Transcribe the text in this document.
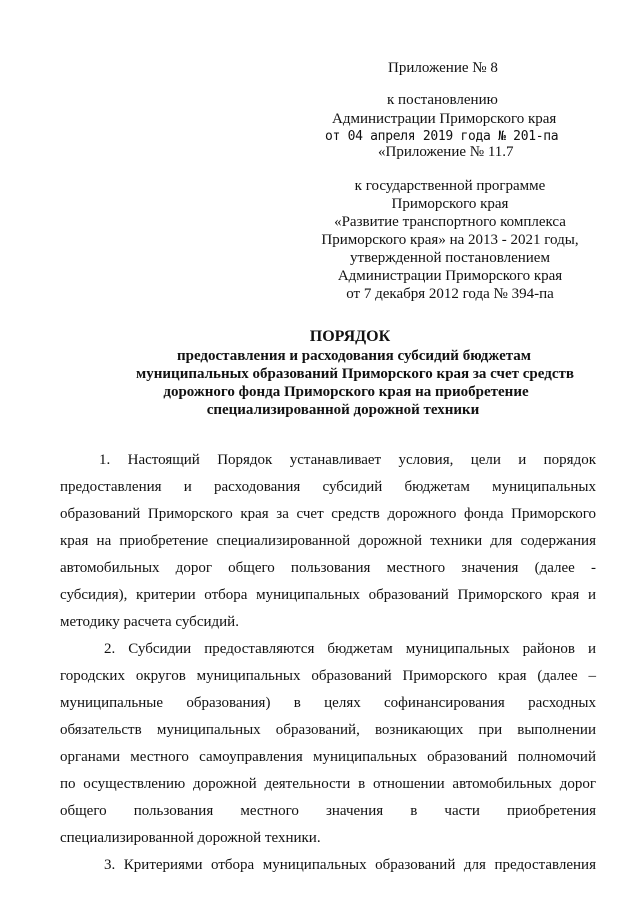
Приложение № 8
к постановлению
Администрации Приморского края
от 04 апреля 2019 года № 201-па
«Приложение № 11.7
к государственной программе
Приморского края
«Развитие транспортного комплекса
Приморского края» на 2013 - 2021 годы,
утвержденной постановлением
Администрации Приморского края
от 7 декабря 2012 года № 394-па
ПОРЯДОК
предоставления и расходования субсидий бюджетам
муниципальных образований Приморского края за счет средств
дорожного фонда Приморского края на приобретение
специализированной дорожной техники
1. Настоящий Порядок устанавливает условия, цели и порядок
предоставления и расходования субсидий бюджетам муниципальных
образований Приморского края за счет средств дорожного фонда Приморского
края на приобретение специализированной дорожной техники для содержания
автомобильных дорог общего пользования местного значения (далее -
субсидия), критерии отбора муниципальных образований Приморского края и
методику расчета субсидий.
2. Субсидии предоставляются бюджетам муниципальных районов и
городских округов муниципальных образований Приморского края (далее –
муниципальные образования) в целях софинансирования расходных
обязательств муниципальных образований, возникающих при выполнении
органами местного самоуправления муниципальных образований полномочий
по осуществлению дорожной деятельности в отношении автомобильных дорог
общего пользования местного значения в части приобретения
специализированной дорожной техники.
3. Критериями отбора муниципальных образований для предоставления
